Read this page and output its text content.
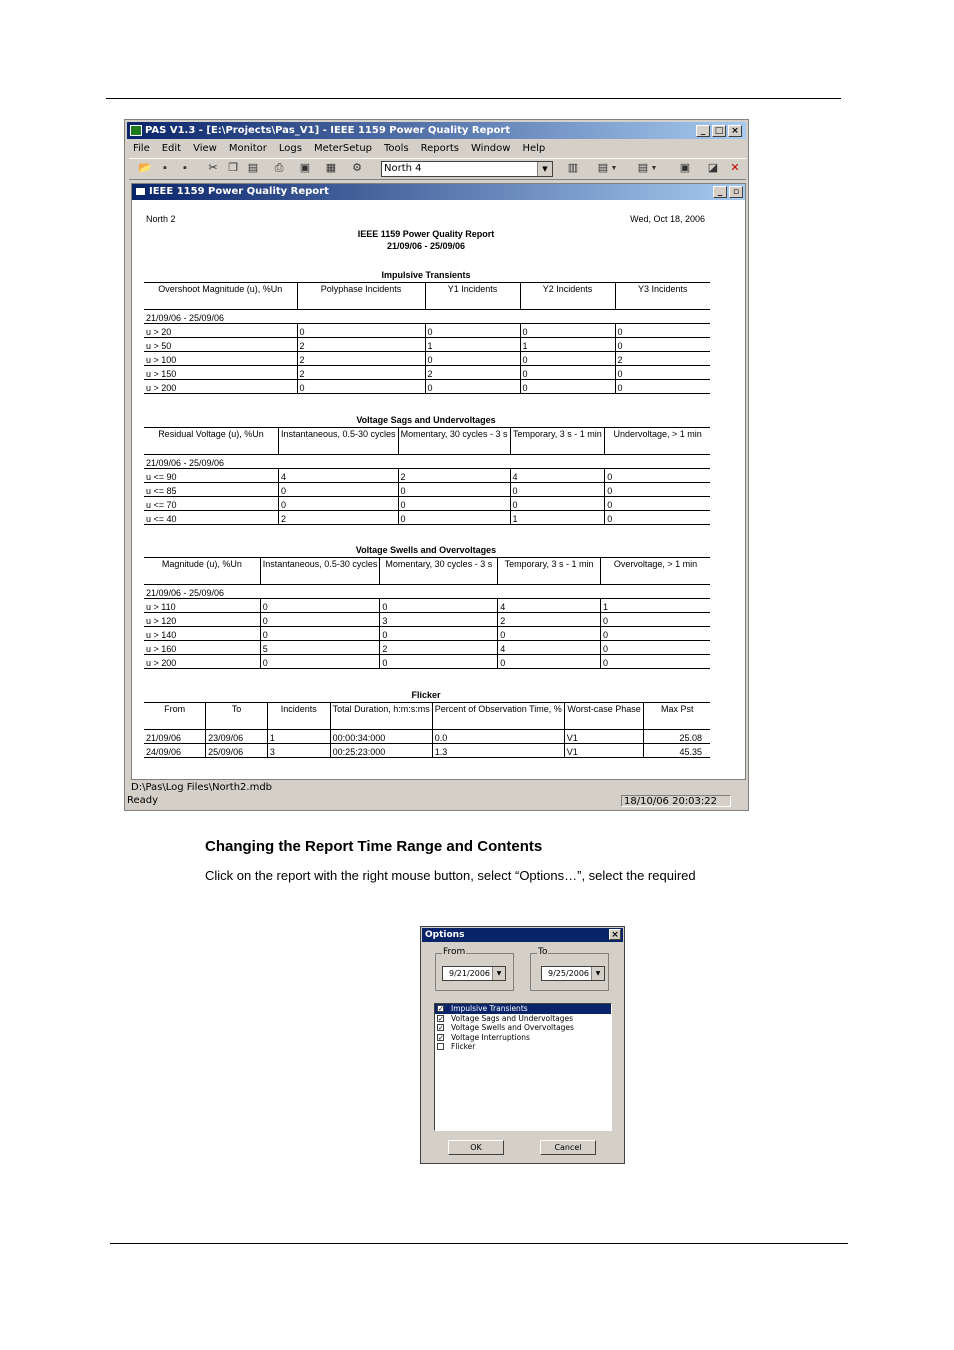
PAS V1.3 - [E:\Projects\Pas_V1] - IEEE 1159 Power Quality Report	_	□ ×
File Edit View Monitor Logs MeterSetup Tools Reports Window Help
📂	▪	▪	✂ ❐ ▤	⎙	▣ ▦ ⚙	North 4	▼	▥ ▤ ▼ ▤ ▼ ▣ ◪ ✕
IEEE 1159 Power Quality Report	_	▫
North 2	Wed, Oct 18, 2006
IEEE 1159 Power Quality Report
21/09/06 - 25/09/06
Impulsive Transients
Overshoot Magnitude (u), %Un	Polyphase Incidents	Y1 Incidents	Y2 Incidents	Y3 Incidents
21/09/06 - 25/09/06				
u > 20	0	0	0	0
u > 50	2	1	1	0
u > 100	2	0	0	2
u > 150	2	2	0	0
u > 200	0	0	0	0
Voltage Sags and Undervoltages
Residual Voltage (u), %Un	Instantaneous, 0.5-30 cycles	Momentary, 30 cycles - 3 s	Temporary, 3 s - 1 min	Undervoltage, > 1 min
21/09/06 - 25/09/06				
u <= 90	4	2	4	0
u <= 85	0	0	0	0
u <= 70	0	0	0	0
u <= 40	2	0	1	0
Voltage Swells and Overvoltages
Magnitude (u), %Un	Instantaneous, 0.5-30 cycles	Momentary, 30 cycles - 3 s	Temporary, 3 s - 1 min	Overvoltage, > 1 min
21/09/06 - 25/09/06				
u > 110	0	0	4	1
u > 120	0	3	2	0
u > 140	0	0	0	0
u > 160	5	2	4	0
u > 200	0	0	0	0
Flicker
From	To	Incidents	Total Duration, h:m:s:ms	Percent of Observation Time, %	Worst-case Phase	Max Pst
21/09/06	23/09/06	1	00:00:34:000	0.0	V1	25.08
24/09/06	25/09/06	3	00:25:23:000	1.3	V1	45.35
D:\Pas\Log Files\North2.mdb
Ready	18/10/06 20:03:22
Changing the Report Time Range and Contents
Click on the report with the right mouse button, select “Options…”, select the required
Options	×
From
9/21/2006	▼
To
9/25/2006	▼
✓ Impulsive Transients
✓ Voltage Sags and Undervoltages
✓ Voltage Swells and Overvoltages
✓ Voltage Interruptions
Flicker
OK	Cancel
